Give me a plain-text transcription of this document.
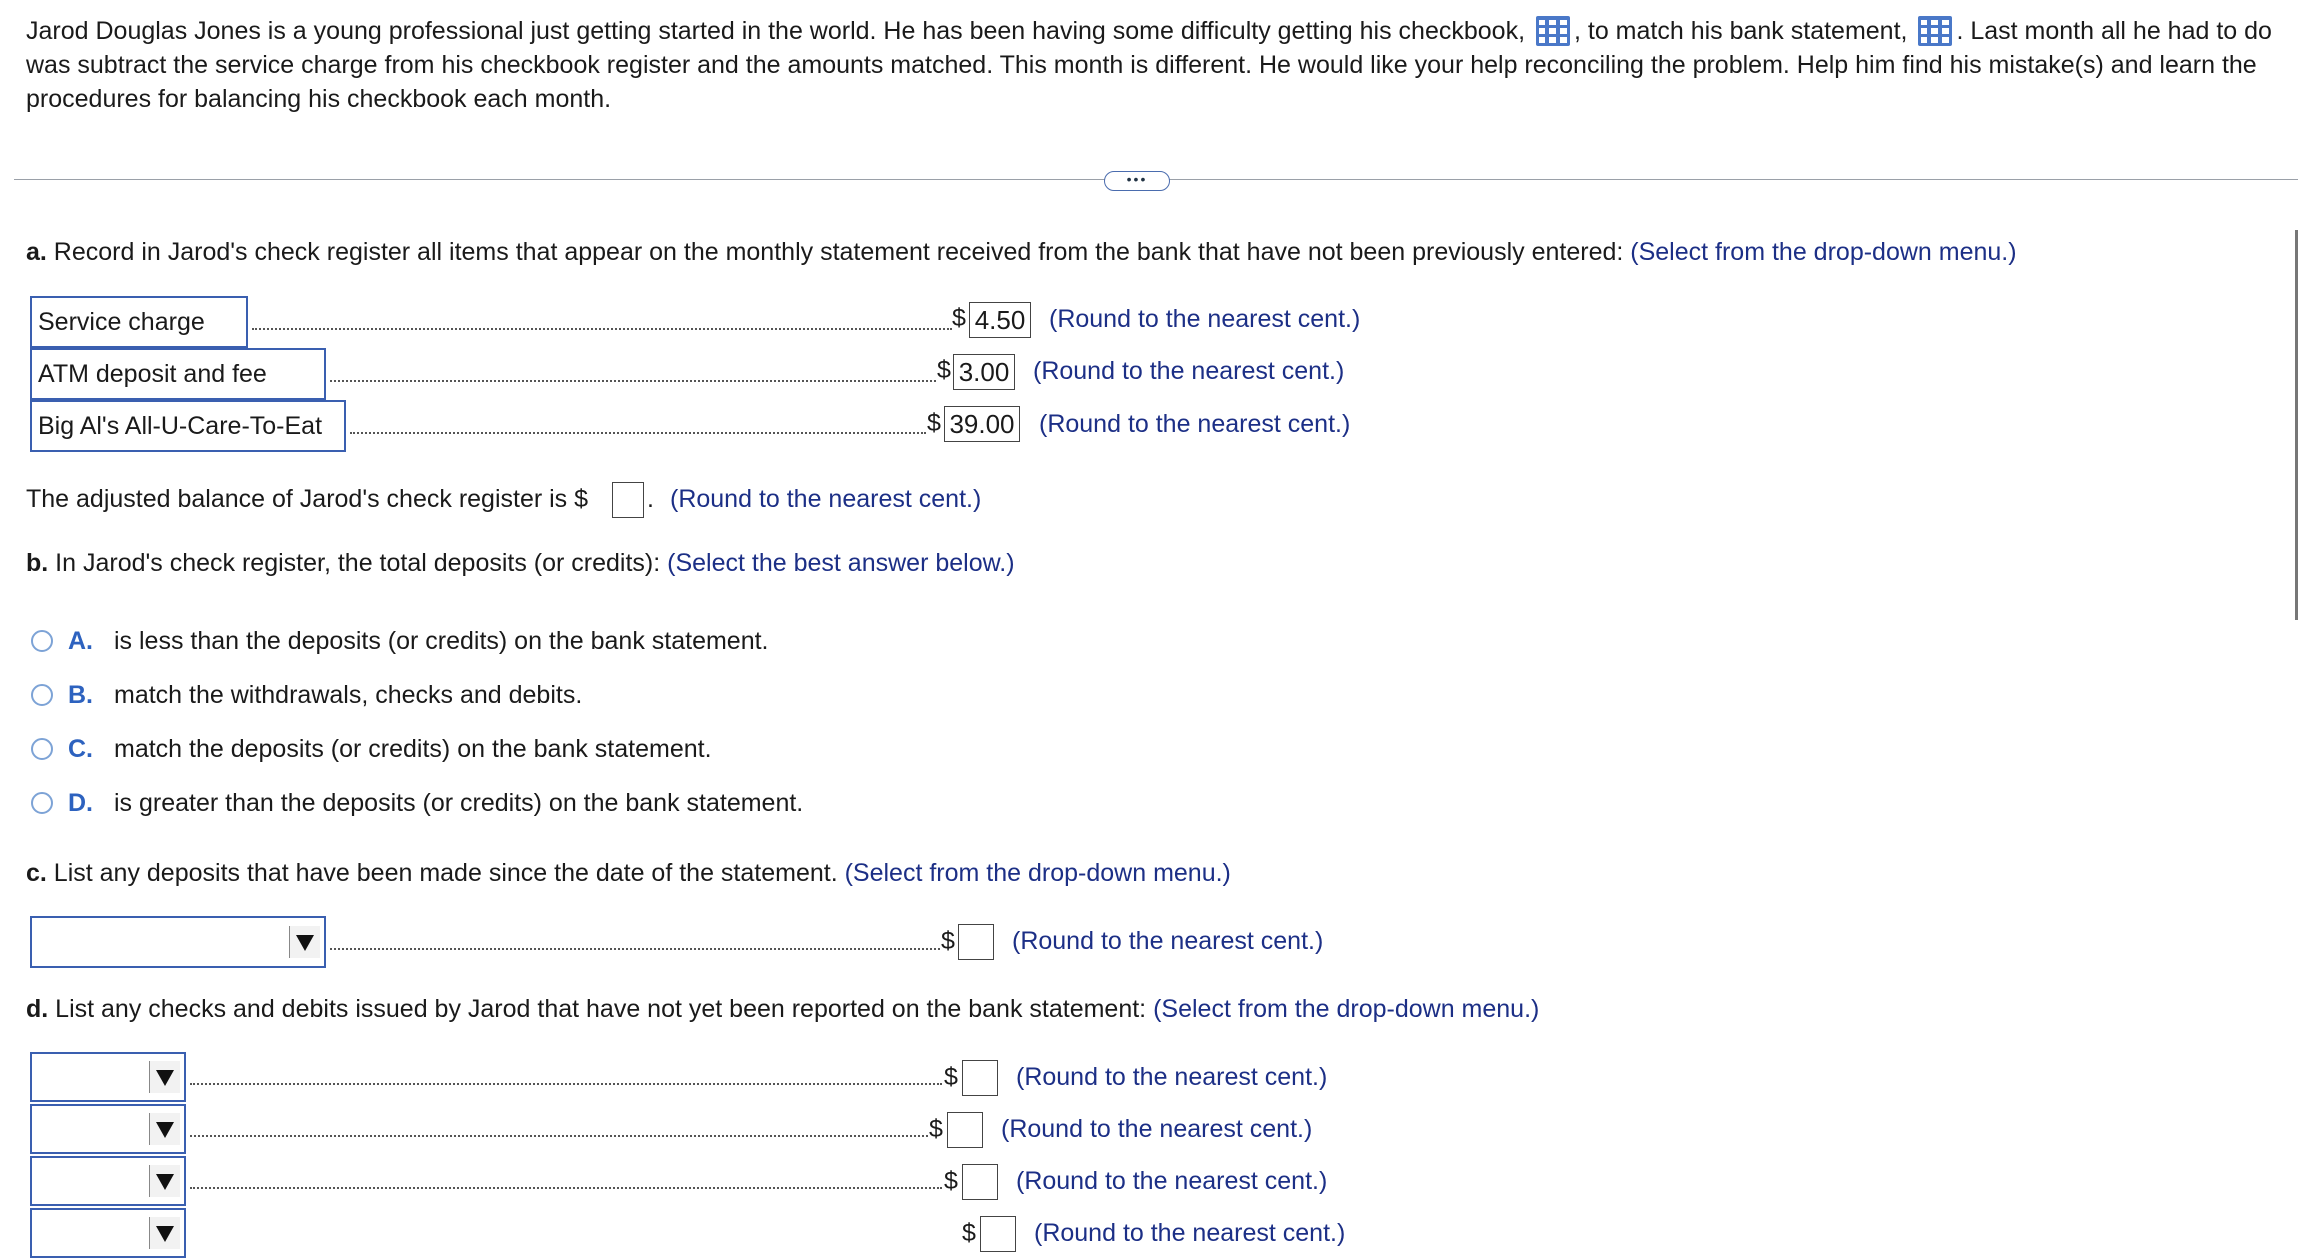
Jarod Douglas Jones is a young professional just getting started in the world. He has been having some difficulty getting his checkbook, , to match his bank statement, . Last month all he had to do was subtract the service charge from his checkbook register and the amounts matched. This month is different. He would like your help reconciling the problem. Help him find his mistake(s) and learn the procedures for balancing his checkbook each month.
•••
a. Record in Jarod's check register all items that appear on the monthly statement received from the bank that have not been previously entered: (Select from the drop-down menu.)
Service charge	$ 4.50 (Round to the nearest cent.)
ATM deposit and fee	$ 3.00 (Round to the nearest cent.)
Big Al's All-U-Care-To-Eat	$ 39.00 (Round to the nearest cent.)
The adjusted balance of Jarod's check register is $ . (Round to the nearest cent.)
b. In Jarod's check register, the total deposits (or credits): (Select the best answer below.)
A. is less than the deposits (or credits) on the bank statement.
B. match the withdrawals, checks and debits.
C. match the deposits (or credits) on the bank statement.
D. is greater than the deposits (or credits) on the bank statement.
c. List any deposits that have been made since the date of the statement. (Select from the drop-down menu.)
$ (Round to the nearest cent.)
d. List any checks and debits issued by Jarod that have not yet been reported on the bank statement: (Select from the drop-down menu.)
$ (Round to the nearest cent.)
$ (Round to the nearest cent.)
$ (Round to the nearest cent.)
$ (Round to the nearest cent.)
